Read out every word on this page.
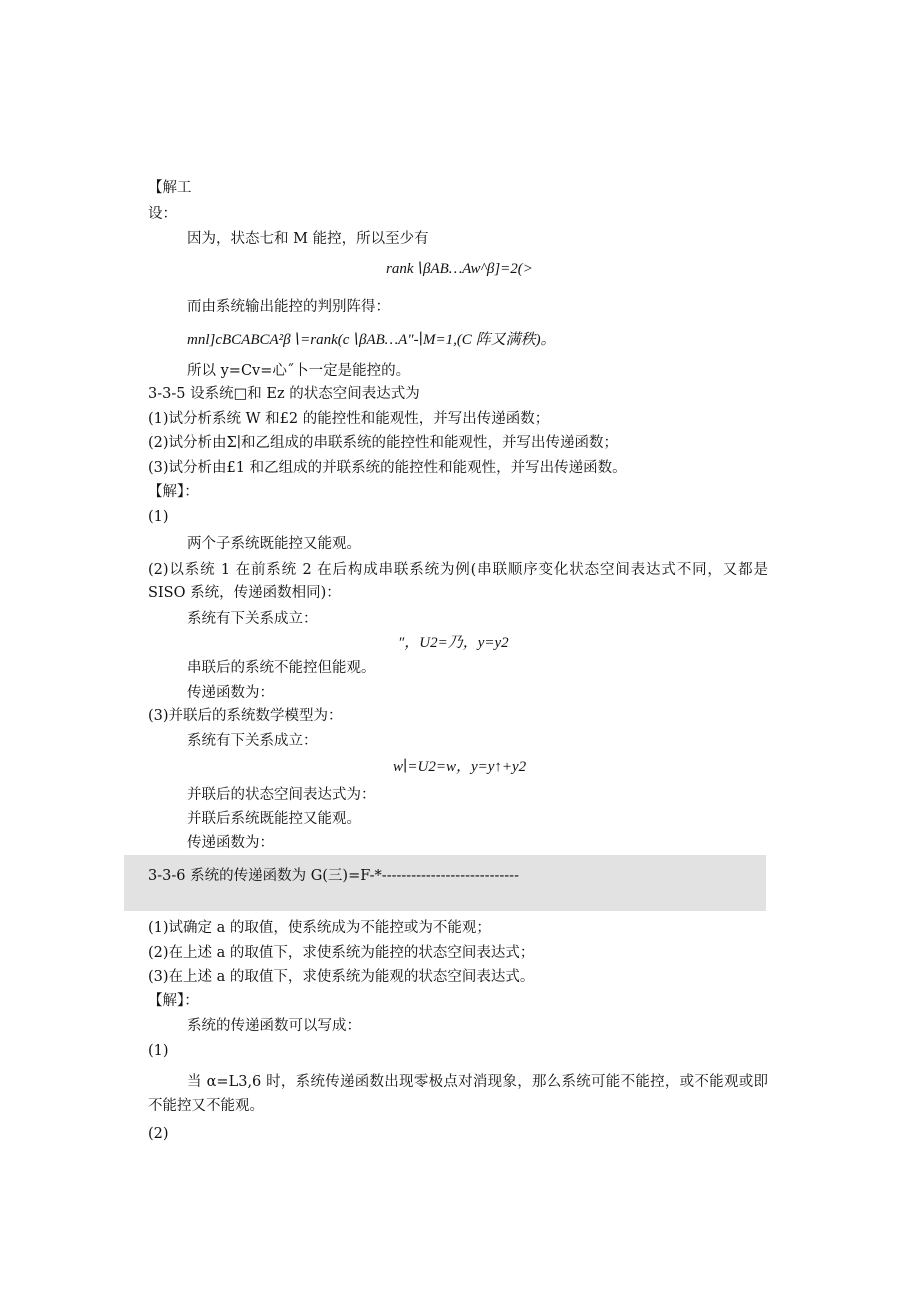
【解工
设：
因为，状态七和 M 能控，所以至少有
rank∖βAB…Aw^β]=2(>
而由系统输出能控的判别阵得：
mnl]cBCABCA²β∖=rank(c∖βAB…A"-∣M=1,(C 阵又满秩)。
所以 y=Cv=心˝卜一定是能控的。
3-3-5 设系统□和 Ez 的状态空间表达式为
(1)试分析系统 W 和£2 的能控性和能观性，并写出传递函数；
(2)试分析由Σ∣和乙组成的串联系统的能控性和能观性，并写出传递函数；
(3)试分析由£1 和乙组成的并联系统的能控性和能观性，并写出传递函数。
【解】：
(1)
两个子系统既能控又能观。
(2)以系统 1 在前系统 2 在后构成串联系统为例(串联顺序变化状态空间表达式不同，又都是 SISO 系统，传递函数相同)：
系统有下关系成立：
″，U2=乃，y=y2
串联后的系统不能控但能观。
传递函数为：
(3)并联后的系统数学模型为：
系统有下关系成立：
w∣=U2=w，y=y↑+y2
并联后的状态空间表达式为：
并联后系统既能控又能观。
传递函数为：
3-3-6 系统的传递函数为 G(三)=F-*----------------------------
(1)试确定 a 的取值，使系统成为不能控或为不能观；
(2)在上述 a 的取值下，求使系统为能控的状态空间表达式；
(3)在上述 a 的取值下，求使系统为能观的状态空间表达式。
【解】：
系统的传递函数可以写成：
(1)
当 α=L3,6 时，系统传递函数出现零极点对消现象，那么系统可能不能控，或不能观或即不能控又不能观。
(2)
